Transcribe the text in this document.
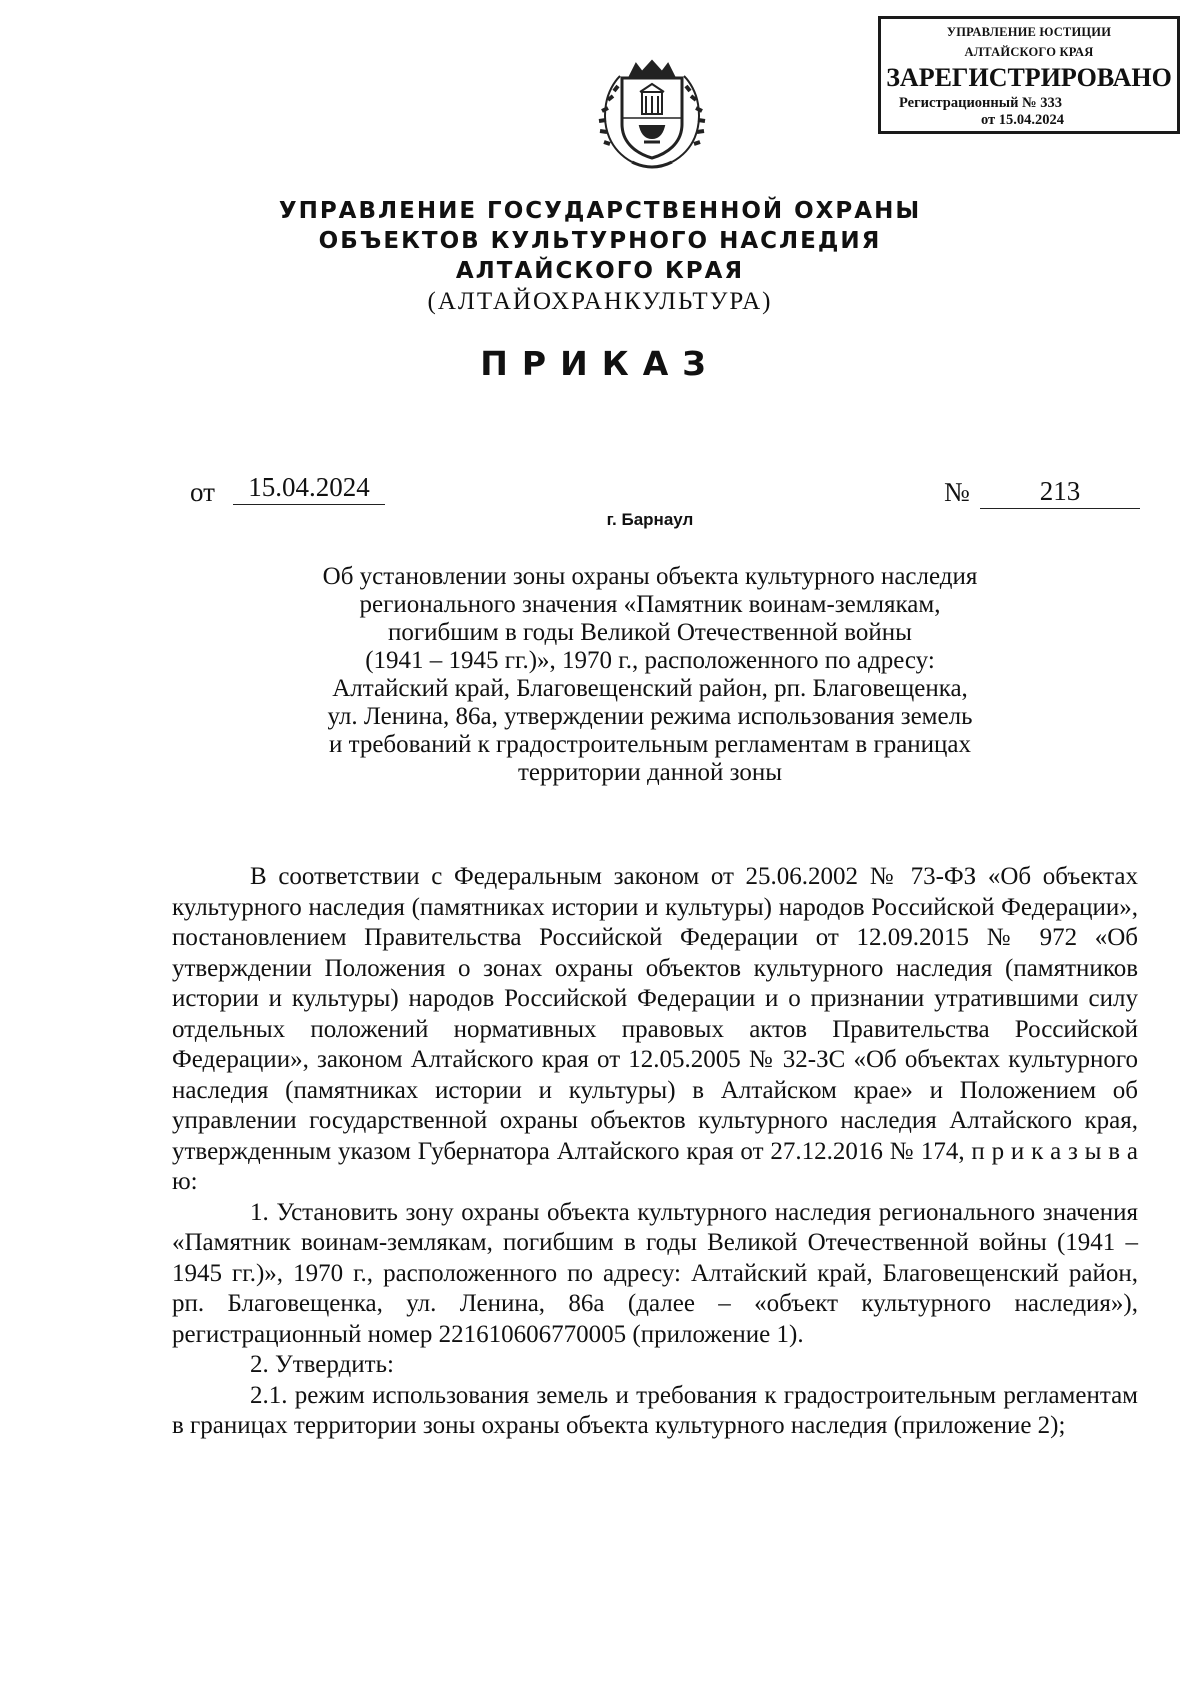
УПРАВЛЕНИЕ ЮСТИЦИИ
АЛТАЙСКОГО КРАЯ
ЗАРЕГИСТРИРОВАНО
Регистрационный № 333
от 15.04.2024
УПРАВЛЕНИЕ ГОСУДАРСТВЕННОЙ ОХРАНЫ
ОБЪЕКТОВ КУЛЬТУРНОГО НАСЛЕДИЯ
АЛТАЙСКОГО КРАЯ
(АЛТАЙОХРАНКУЛЬТУРА)
ПРИКАЗ
от	15.04.2024	№	213
г. Барнаул
Об установлении зоны охраны объекта культурного наследия
регионального значения «Памятник воинам-землякам,
погибшим в годы Великой Отечественной войны
(1941 – 1945 гг.)», 1970 г., расположенного по адресу:
Алтайский край, Благовещенский район, рп. Благовещенка,
ул. Ленина, 86а, утверждении режима использования земель
и требований к градостроительным регламентам в границах
территории данной зоны
В соответствии с Федеральным законом от 25.06.2002 № 73-ФЗ «Об объектах культурного наследия (памятниках истории и культуры) народов Российской Федерации», постановлением Правительства Российской Федерации от 12.09.2015 № 972 «Об утверждении Положения о зонах охраны объектов культурного наследия (памятников истории и культуры) народов Российской Федерации и о признании утратившими силу отдельных положений нормативных правовых актов Правительства Российской Федерации», законом Алтайского края от 12.05.2005 № 32-ЗС «Об объектах культурного наследия (памятниках истории и культуры) в Алтайском крае» и Положением об управлении государственной охраны объектов культурного наследия Алтайского края, утвержденным указом Губернатора Алтайского края от 27.12.2016 № 174, п р и к а з ы в а ю:
1. Установить зону охраны объекта культурного наследия регионального значения «Памятник воинам-землякам, погибшим в годы Великой Отечественной войны (1941 – 1945 гг.)», 1970 г., расположенного по адресу: Алтайский край, Благовещенский район, рп. Благовещенка, ул. Ленина, 86а (далее – «объект культурного наследия»), регистрационный номер 221610606770005 (приложение 1).
2. Утвердить:
2.1. режим использования земель и требования к градостроительным регламентам в границах территории зоны охраны объекта культурного наследия (приложение 2);
